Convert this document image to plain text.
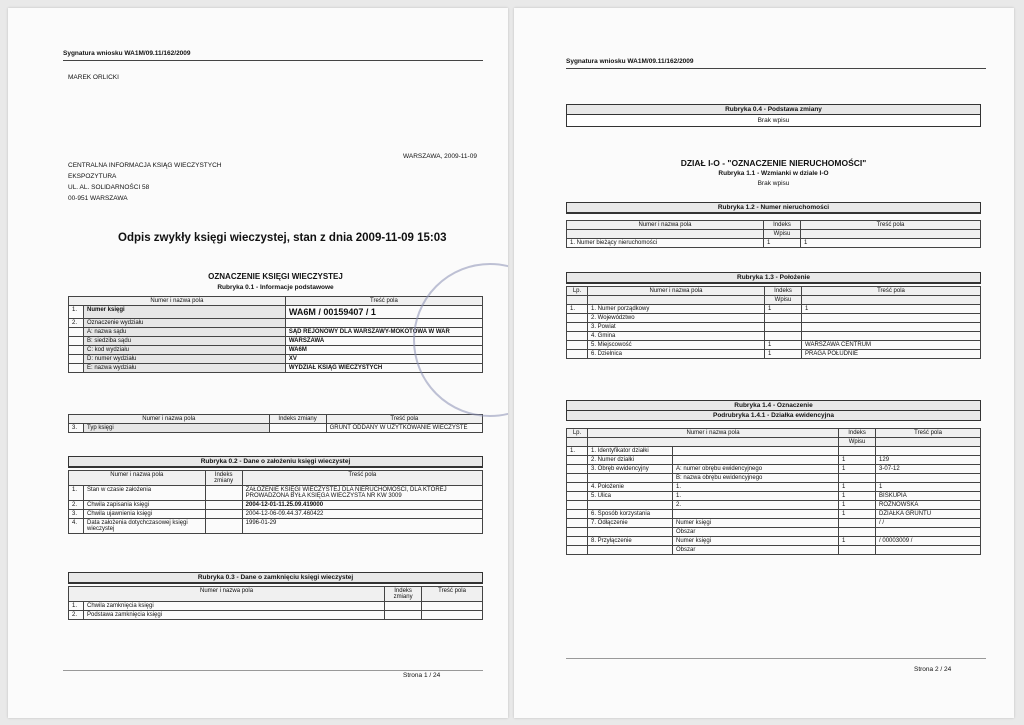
Sygnatura wniosku WA1M/09.11/162/2009
MAREK ORLICKI
CENTRALNA INFORMACJA KSIĄG WIECZYSTYCH
EKSPOZYTURA
UL. AL. SOLIDARNOŚCI 58
00-951 WARSZAWA
WARSZAWA, 2009-11-09
Odpis zwykły księgi wieczystej, stan z dnia 2009-11-09 15:03
OZNACZENIE KSIĘGI WIECZYSTEJ
Rubryka 0.1 - Informacje podstawowe
Numer i nazwa pola		Treść pola
1.	Numer księgi	WA6M / 00159407 / 1
2.	Oznaczenie wydziału	
	A: nazwa sądu	SĄD REJONOWY DLA WARSZAWY-MOKOTOWA W WAR
	B: siedziba sądu	WARSZAWA
	C: kod wydziału	WA6M
	D: numer wydziału	XV
	E: nazwa wydziału	WYDZIAŁ KSIĄG WIECZYSTYCH
Numer i nazwa pola		Indeks zmiany	Treść pola
3.	Typ księgi		GRUNT ODDANY W UŻYTKOWANIE WIECZYSTE
Rubryka 0.2 - Dane o założeniu księgi wieczystej
Numer i nazwa pola		Indeks zmiany	Treść pola
1.	Stan w czasie założenia		ZAŁOŻENIE KSIĘGI WIECZYSTEJ DLA NIERUCHOMOŚCI, DLA KTÓREJ PROWADZONA BYŁA KSIĘGA WIECZYSTA NR KW 3009
2.	Chwila zapisania księgi		2004-12-01-11.25.09.419000
3.	Chwila ujawnienia księgi		2004-12-06-09.44.37.460422
4.	Data założenia dotychczasowej księgi wieczystej		1996-01-29
Rubryka 0.3 - Dane o zamknięciu księgi wieczystej
Numer i nazwa pola		Indeks zmiany	Treść pola
1.	Chwila zamknięcia księgi		
2.	Podstawa zamknięcia księgi		
Strona 1 / 24
Sygnatura wniosku WA1M/09.11/162/2009
Rubryka 0.4 - Podstawa zmiany
Brak wpisu
DZIAŁ I-O - "OZNACZENIE NIERUCHOMOŚCI"
Rubryka 1.1 - Wzmianki w dziale I-O
Brak wpisu
Rubryka 1.2 - Numer nieruchomości
Numer i nazwa pola	Indeks	Treść pola
	Wpisu	
1. Numer bieżący nieruchomości	1	1
Rubryka 1.3 - Położenie
Lp.	Numer i nazwa pola	Indeks	Treść pola
		Wpisu	
1.	1. Numer porządkowy	1	1
	2. Województwo		
	3. Powiat		
	4. Gmina		
	5. Miejscowość	1	WARSZAWA CENTRUM
	6. Dzielnica	1	PRAGA POŁUDNIE
Rubryka 1.4 - Oznaczenie
Podrubryka 1.4.1 - Działka ewidencyjna
Lp.	Numer i nazwa pola		Indeks	Treść pola
			Wpisu	
1.	1. Identyfikator działki			
	2. Numer działki		1	129
	3. Obręb ewidencyjny	A: numer obrębu ewidencyjnego	1	3-07-12
		B: nazwa obrębu ewidencyjnego		
	4. Położenie	1.	1	1
	5. Ulica	1.	1	BISKUPIA
		2.	1	ROŻNOWSKA
	6. Sposób korzystania		1	DZIAŁKA GRUNTU
	7. Odłączenie	Numer księgi		/ /
		Obszar		
	8. Przyłączenie	Numer księgi	1	/ 00003009 /
		Obszar		
Strona 2 / 24
